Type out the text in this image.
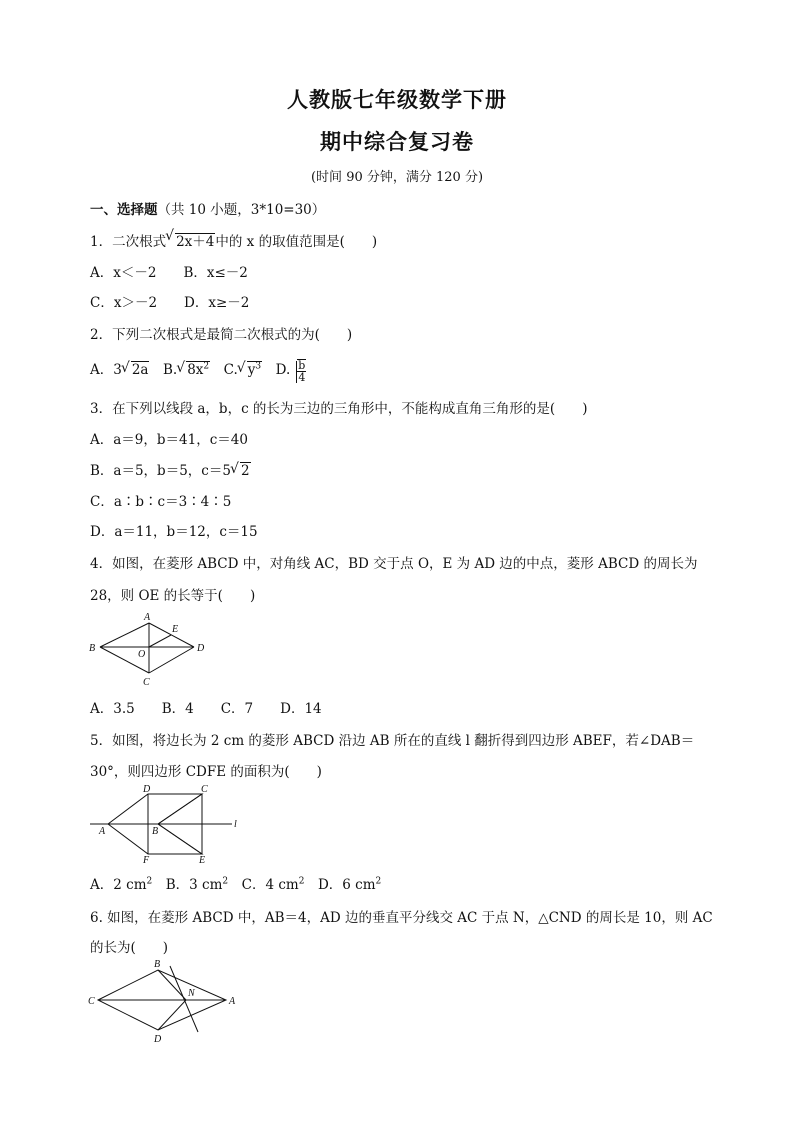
人教版七年级数学下册
期中综合复习卷
(时间 90 分钟，满分 120 分)
一、选择题（共 10 小题，3*10=30）
1．二次根式 √ 2x＋4中的 x 的取值范围是(　　)
A．x＜－2　　B．x≤－2
C．x＞－2　　D．x≥－2
2．下列二次根式是最简二次根式的为(　　)
A．3 √ 2a　B. √ $8x^2$　C. √ $y^3$　D. $\frac{b}{4}$
3．在下列以线段 a，b，c 的长为三边的三角形中，不能构成直角三角形的是(　　)
A．a＝9，b＝41，c＝40
B．a＝5，b＝5，c＝5 √ 2
C．a∶b∶c＝3∶4∶5
D．a＝11，b＝12，c＝15
4．如图，在菱形 ABCD 中，对角线 AC，BD 交于点 O，E 为 AD 边的中点，菱形 ABCD 的周长为
28，则 OE 的长等于(　　)
A
B
C
D
E
O
A．3.5　　B．4　　C．7　　D．14
5．如图，将边长为 2 cm 的菱形 ABCD 沿边 AB 所在的直线 l 翻折得到四边形 ABEF，若∠DAB＝
30°，则四边形 CDFE 的面积为(　　)
A	B
C
D
E
F
l
A．2 $cm^2$　B．3 $cm^2$　C．4 $cm^2$　D．6 $cm^2$
6. 如图，在菱形 ABCD 中，AB＝4，AD 边的垂直平分线交 AC 于点 N，△CND 的周长是 10，则 AC
的长为(　　)
A
B
C
D
N
